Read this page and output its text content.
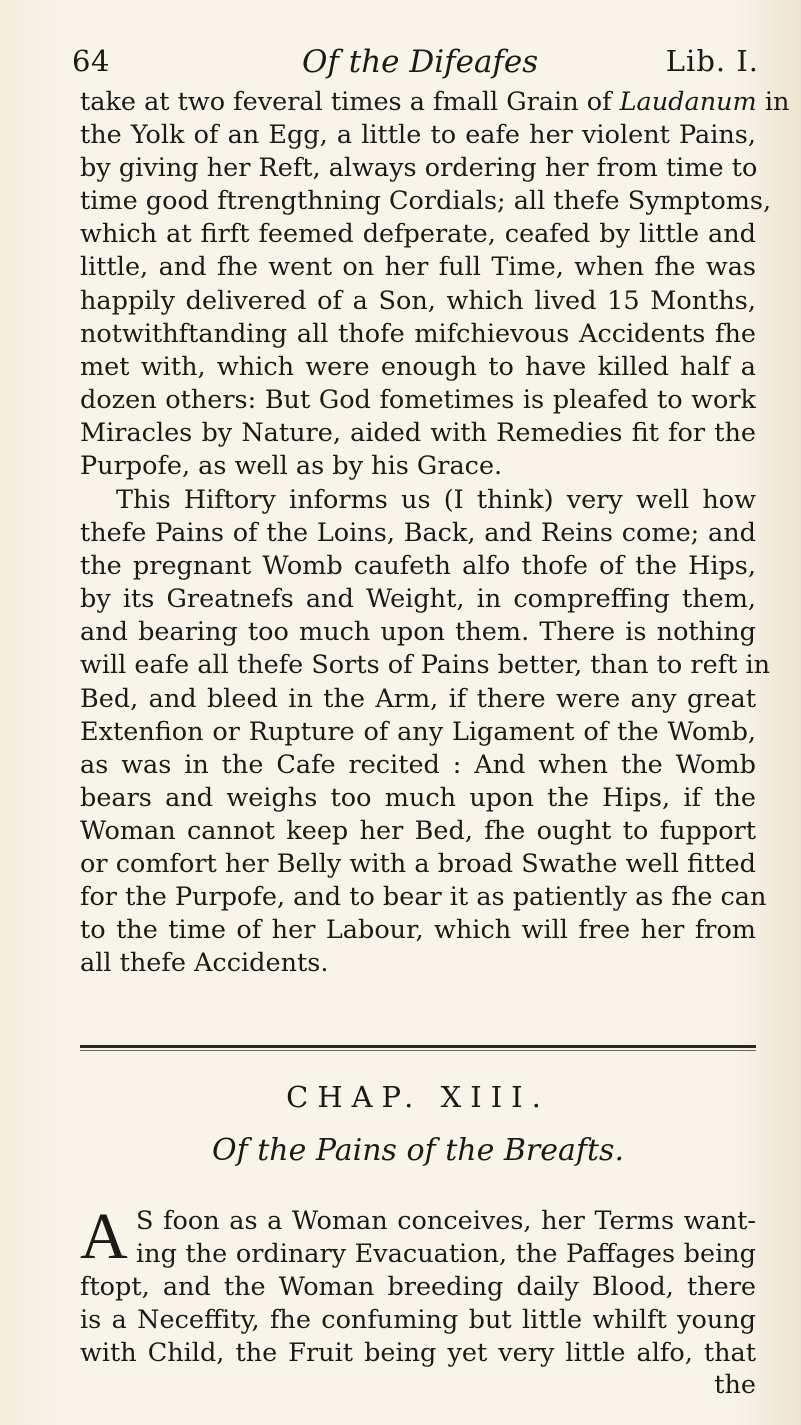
64	Of the Difeafes	Lib. I.
take at two feveral times a fmall Grain of Laudanum in
the Yolk of an Egg, a little to eafe her violent Pains,
by giving her Reft, always ordering her from time to
time good ftrengthning Cordials; all thefe Symptoms,
which at firft feemed defperate, ceafed by little and
little, and fhe went on her full Time, when fhe was
happily delivered of a Son, which lived 15 Months,
notwithftanding all thofe mifchievous Accidents fhe
met with, which were enough to have killed half a
dozen others: But God fometimes is pleafed to work
Miracles by Nature, aided with Remedies fit for the
Purpofe, as well as by his Grace.
This Hiftory informs us (I think) very well how
thefe Pains of the Loins, Back, and Reins come; and
the pregnant Womb caufeth alfo thofe of the Hips,
by its Greatnefs and Weight, in compreffing them,
and bearing too much upon them. There is nothing
will eafe all thefe Sorts of Pains better, than to reft in
Bed, and bleed in the Arm, if there were any great
Extenfion or Rupture of any Ligament of the Womb,
as was in the Cafe recited : And when the Womb
bears and weighs too much upon the Hips, if the
Woman cannot keep her Bed, fhe ought to fupport
or comfort her Belly with a broad Swathe well fitted
for the Purpofe, and to bear it as patiently as fhe can
to the time of her Labour, which will free her from
all thefe Accidents.
CHAP. XIII.
Of the Pains of the Breafts.
A S foon as a Woman conceives, her Terms want-
ing the ordinary Evacuation, the Paffages being
ftopt, and the Woman breeding daily Blood, there
is a Neceffity, fhe confuming but little whilft young
with Child, the Fruit being yet very little alfo, that
the
